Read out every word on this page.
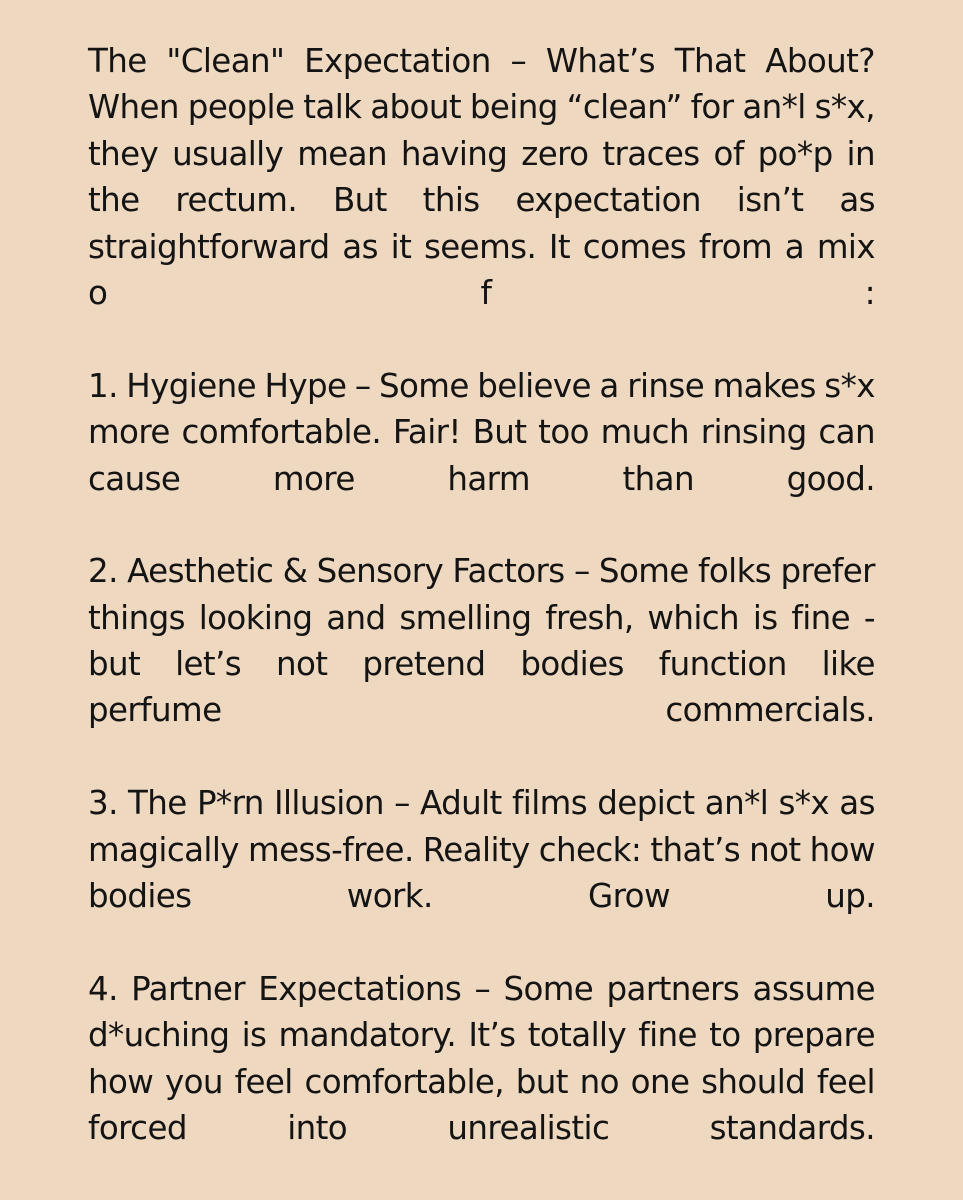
The "Clean" Expectation – What’s That About?
When people talk about being “clean” for an*l s*x,
they usually mean having zero traces of po*p in
the rectum. But this expectation isn’t as
straightforward as it seems. It comes from a mix
o	f	:
1. Hygiene Hype – Some believe a rinse makes s*x
more comfortable. Fair! But too much rinsing can
cause	more	harm	than	good.
2. Aesthetic & Sensory Factors – Some folks prefer
things looking and smelling fresh, which is fine -
but let’s not pretend bodies function like
perfume	commercials.
3. The P*rn Illusion – Adult films depict an*l s*x as
magically mess-free. Reality check: that’s not how
bodies	work.	Grow	up.
4. Partner Expectations – Some partners assume
d*uching is mandatory. It’s totally fine to prepare
how you feel comfortable, but no one should feel
forced	into	unrealistic	standards.
